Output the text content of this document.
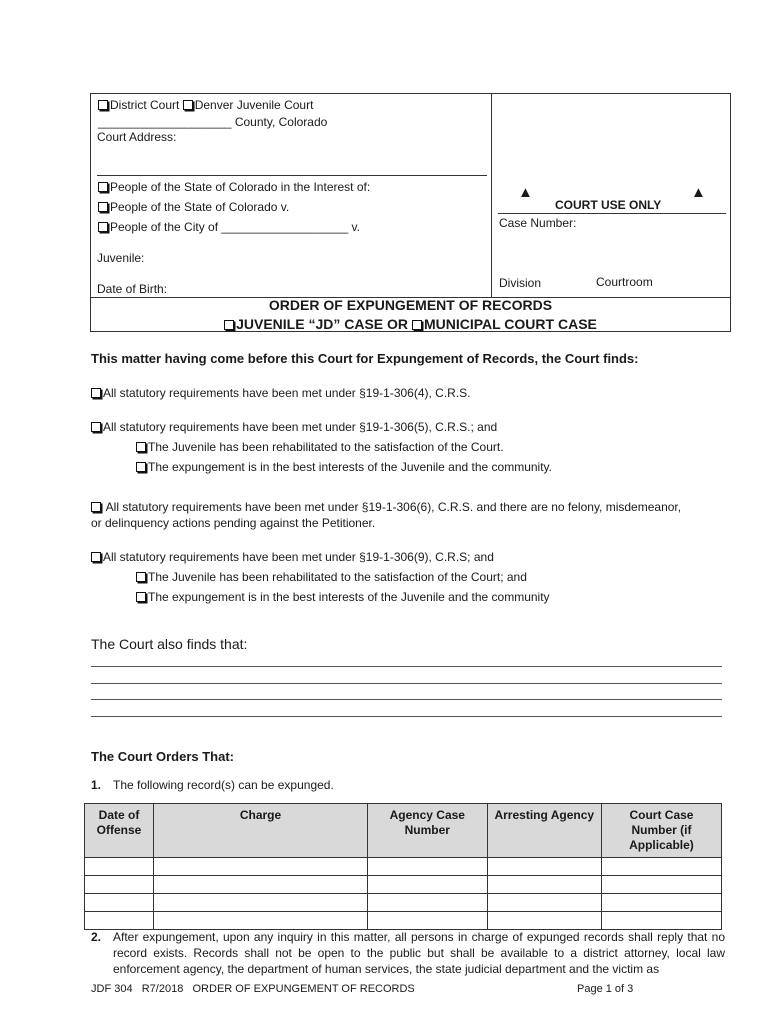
District Court Denver Juvenile Court
____________________ County, Colorado
Court Address:
People of the State of Colorado in the Interest of:
People of the State of Colorado v.
People of the City of ___________________ v.
Juvenile:
Date of Birth:
▲	▲
COURT USE ONLY
Case Number:
Division	Courtroom
ORDER OF EXPUNGEMENT OF RECORDS
JUVENILE “JD” CASE OR MUNICIPAL COURT CASE
This matter having come before this Court for Expungement of Records, the Court finds:
All statutory requirements have been met under §19-1-306(4), C.R.S.
All statutory requirements have been met under §19-1-306(5), C.R.S.; and
The Juvenile has been rehabilitated to the satisfaction of the Court.
The expungement is in the best interests of the Juvenile and the community.
All statutory requirements have been met under §19-1-306(6), C.R.S. and there are no felony, misdemeanor,
or delinquency actions pending against the Petitioner.
All statutory requirements have been met under §19-1-306(9), C.R.S; and
The Juvenile has been rehabilitated to the satisfaction of the Court; and
The expungement is in the best interests of the Juvenile and the community
The Court also finds that:
The Court Orders That:
1. The following record(s) can be expunged.
Date of Offense	Charge	Agency Case Number	Arresting Agency	Court Case Number (if Applicable)

2. After expungement, upon any inquiry in this matter, all persons in charge of expunged records shall reply that no record exists. Records shall not be open to the public but shall be available to a district attorney, local law enforcement agency, the department of human services, the state judicial department and the victim as
JDF 304   R7/2018   ORDER OF EXPUNGEMENT OF RECORDS	Page 1 of 3
